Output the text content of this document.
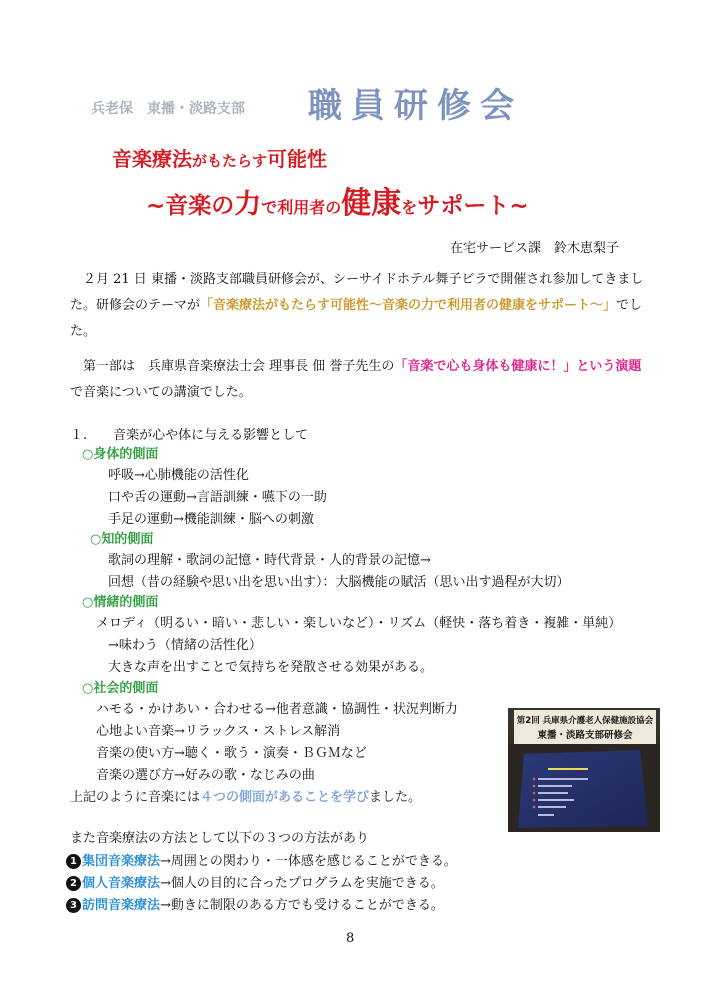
兵老保　東播・淡路支部 職員研修会
音楽療法がもたらす可能性
~音楽の力で利用者の健康をサポート~
在宅サービス課　鈴木恵梨子
２月 21 日 東播・淡路支部職員研修会が、シーサイドホテル舞子ビラで開催され参加してきました。研修会のテーマが「音楽療法がもたらす可能性～音楽の力で利用者の健康をサポート～」でした。
第一部は　兵庫県音楽療法士会 理事長 佃 誉子先生の「音楽で心も身体も健康に！」という演題で音楽についての講演でした。
１.　　音楽が心や体に与える影響として
○身体的側面
呼吸→心肺機能の活性化
口や舌の運動→言語訓練・嚥下の一助
手足の運動→機能訓練・脳への刺激
○知的側面
歌詞の理解・歌詞の記憶・時代背景・人的背景の記憶→
回想（昔の経験や思い出を思い出す）：大脳機能の賦活（思い出す過程が大切）
○情緒的側面
メロディ（明るい・暗い・悲しい・楽しいなど）・リズム（軽快・落ち着き・複雑・単純）
→味わう（情緒の活性化）
大きな声を出すことで気持ちを発散させる効果がある。
○社会的側面
ハモる・かけあい・合わせる→他者意識・協調性・状況判断力
心地よい音楽→リラックス・ストレス解消
音楽の使い方→聴く・歌う・演奏・ＢＧＭなど
音楽の選び方→好みの歌・なじみの曲
上記のように音楽には４つの側面があることを学びました。
また音楽療法の方法として以下の３つの方法があり
1 集団音楽療法→周囲との関わり・一体感を感じることができる。
2 個人音楽療法→個人の目的に合ったプログラムを実施できる。
3 訪問音楽療法→動きに制限のある方でも受けることができる。
第2回 兵庫県介護老人保健施設協会
東播・淡路支部研修会
8
